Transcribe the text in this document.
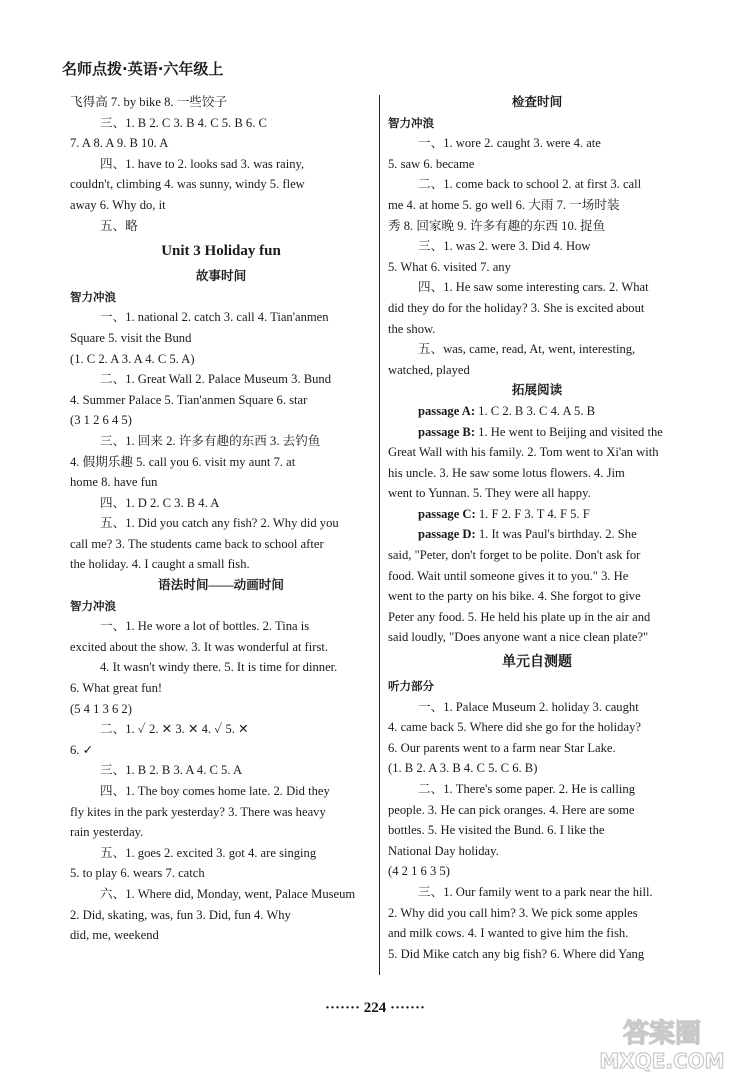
名师点拨·英语·六年级上
飞得高 7. by bike 8. 一些饺子
三、1. B 2. C 3. B 4. C 5. B 6. C
7. A 8. A 9. B 10. A
四、1. have to 2. looks sad 3. was rainy,
couldn't, climbing 4. was sunny, windy 5. flew
away 6. Why do, it
五、略
Unit 3 Holiday fun
故事时间
智力冲浪
一、1. national 2. catch 3. call 4. Tian'anmen
Square 5. visit the Bund
(1. C 2. A 3. A 4. C 5. A)
二、1. Great Wall 2. Palace Museum 3. Bund
4. Summer Palace 5. Tian'anmen Square 6. star
(3 1 2 6 4 5)
三、1. 回来 2. 许多有趣的东西 3. 去钓鱼
4. 假期乐趣 5. call you 6. visit my aunt 7. at
home 8. have fun
四、1. D 2. C 3. B 4. A
五、1. Did you catch any fish? 2. Why did you
call me? 3. The students came back to school after
the holiday. 4. I caught a small fish.
语法时间——动画时间
智力冲浪
一、1. He wore a lot of bottles. 2. Tina is
excited about the show. 3. It was wonderful at first.
4. It wasn't windy there. 5. It is time for dinner.
6. What great fun!
(5 4 1 3 6 2)
二、1. ✓ 2. ✕ 3. ✕ 4. ✓ 5. ✕
6. ✓
三、1. B 2. B 3. A 4. C 5. A
四、1. The boy comes home late. 2. Did they
fly kites in the park yesterday? 3. There was heavy
rain yesterday.
五、1. goes 2. excited 3. got 4. are singing
5. to play 6. wears 7. catch
六、1. Where did, Monday, went, Palace Museum
2. Did, skating, was, fun 3. Did, fun 4. Why
did, me, weekend
检查时间
智力冲浪
一、1. wore 2. caught 3. were 4. ate
5. saw 6. became
二、1. come back to school 2. at first 3. call
me 4. at home 5. go well 6. 大雨 7. 一场时装
秀 8. 回家晚 9. 许多有趣的东西 10. 捉鱼
三、1. was 2. were 3. Did 4. How
5. What 6. visited 7. any
四、1. He saw some interesting cars. 2. What
did they do for the holiday? 3. She is excited about
the show.
五、was, came, read, At, went, interesting,
watched, played
拓展阅读
passage A: 1. C 2. B 3. C 4. A 5. B
passage B: 1. He went to Beijing and visited the
Great Wall with his family. 2. Tom went to Xi'an with
his uncle. 3. He saw some lotus flowers. 4. Jim
went to Yunnan. 5. They were all happy.
passage C: 1. F 2. F 3. T 4. F 5. F
passage D: 1. It was Paul's birthday. 2. She
said, "Peter, don't forget to be polite. Don't ask for
food. Wait until someone gives it to you." 3. He
went to the party on his bike. 4. She forgot to give
Peter any food. 5. He held his plate up in the air and
said loudly, "Does anyone want a nice clean plate?"
单元自测题
听力部分
一、1. Palace Museum 2. holiday 3. caught
4. came back 5. Where did she go for the holiday?
6. Our parents went to a farm near Star Lake.
(1. B 2. A 3. B 4. C 5. C 6. B)
二、1. There's some paper. 2. He is calling
people. 3. He can pick oranges. 4. Here are some
bottles. 5. He visited the Bund. 6. I like the
National Day holiday.
(4 2 1 6 3 5)
三、1. Our family went to a park near the hill.
2. Why did you call him? 3. We pick some apples
and milk cows. 4. I wanted to give him the fish.
5. Did Mike catch any big fish? 6. Where did Yang
······· 224 ·······
答案圈
MXQE.COM
